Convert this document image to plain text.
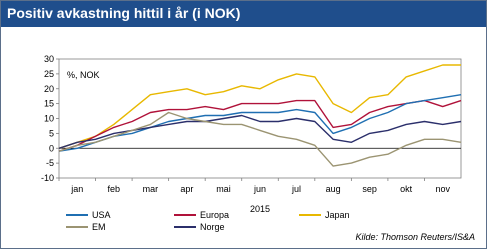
Positiv avkastning hittil i år (i NOK)
-10
-5
0
5
10
15
20
25
30
jan	feb	mar apr	mai	jun	jul	aug sep	okt	nov
%, NOK
2015
USA	Europa	Japan
EM	Norge
Kilde: Thomson Reuters/IS&A
